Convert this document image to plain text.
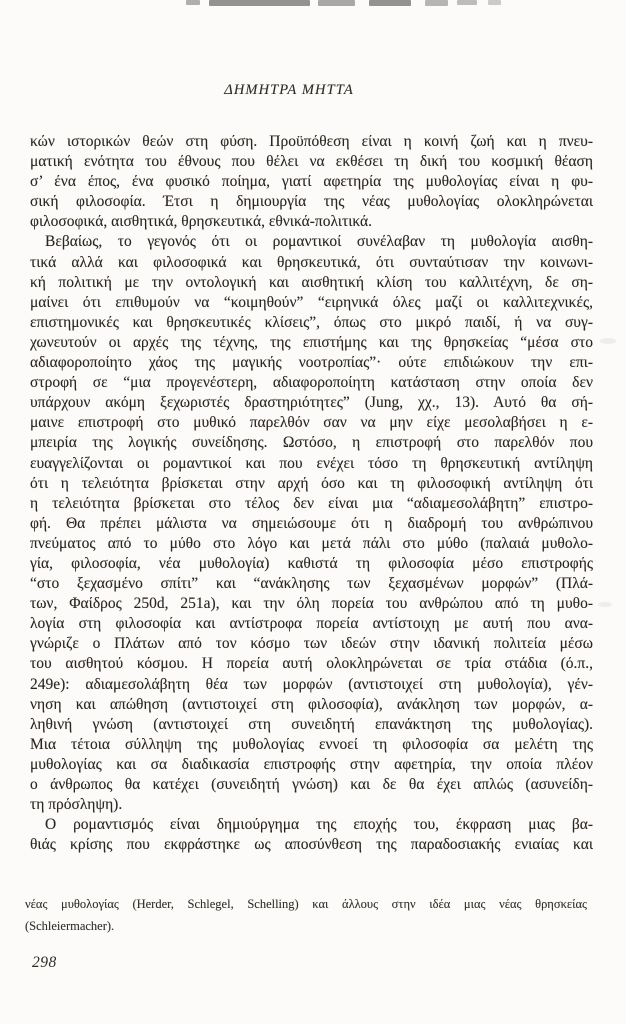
ΔΗΜΗΤΡΑ ΜΗΤΤΑ
κών ιστορικών θεών στη φύση. Προϋπόθεση είναι η κοινή ζωή και η πνευ-
ματική ενότητα του έθνους που θέλει να εκθέσει τη δική του κοσμική θέαση
σ’ ένα έπος, ένα φυσικό ποίημα, γιατί αφετηρία της μυθολογίας είναι η φυ-
σική φιλοσοφία. Έτσι η δημιουργία της νέας μυθολογίας ολοκληρώνεται
φιλοσοφικά, αισθητικά, θρησκευτικά, εθνικά-πολιτικά.
Βεβαίως, το γεγονός ότι οι ρομαντικοί συνέλαβαν τη μυθολογία αισθη-
τικά αλλά και φιλοσοφικά και θρησκευτικά, ότι συνταύτισαν την κοινωνι-
κή πολιτική με την οντολογική και αισθητική κλίση του καλλιτέχνη, δε ση-
μαίνει ότι επιθυμούν να “κοιμηθούν” “ειρηνικά όλες μαζί οι καλλιτεχνικές,
επιστημονικές και θρησκευτικές κλίσεις”, όπως στο μικρό παιδί, ή να συγ-
χωνευτούν οι αρχές της τέχνης, της επιστήμης και της θρησκείας “μέσα στο
αδιαφοροποίητο χάος της μαγικής νοοτροπίας”· ούτε επιδιώκουν την επι-
στροφή σε “μια προγενέστερη, αδιαφοροποίητη κατάσταση στην οποία δεν
υπάρχουν ακόμη ξεχωριστές δραστηριότητες” (Jung, χχ., 13). Αυτό θα σή-
μαινε επιστροφή στο μυθικό παρελθόν σαν να μην είχε μεσολαβήσει η ε-
μπειρία της λογικής συνείδησης. Ωστόσο, η επιστροφή στο παρελθόν που
ευαγγελίζονται οι ρομαντικοί και που ενέχει τόσο τη θρησκευτική αντίληψη
ότι η τελειότητα βρίσκεται στην αρχή όσο και τη φιλοσοφική αντίληψη ότι
η τελειότητα βρίσκεται στο τέλος δεν είναι μια “αδιαμεσολάβητη” επιστρο-
φή. Θα πρέπει μάλιστα να σημειώσουμε ότι η διαδρομή του ανθρώπινου
πνεύματος από το μύθο στο λόγο και μετά πάλι στο μύθο (παλαιά μυθολο-
γία, φιλοσοφία, νέα μυθολογία) καθιστά τη φιλοσοφία μέσο επιστροφής
“στο ξεχασμένο σπίτι” και “ανάκλησης των ξεχασμένων μορφών” (Πλά-
των, Φαίδρος 250d, 251a), και την όλη πορεία του ανθρώπου από τη μυθο-
λογία στη φιλοσοφία και αντίστροφα πορεία αντίστοιχη με αυτή που ανα-
γνώριζε ο Πλάτων από τον κόσμο των ιδεών στην ιδανική πολιτεία μέσω
του αισθητού κόσμου. Η πορεία αυτή ολοκληρώνεται σε τρία στάδια (ό.π.,
249e): αδιαμεσολάβητη θέα των μορφών (αντιστοιχεί στη μυθολογία), γέν-
νηση και απώθηση (αντιστοιχεί στη φιλοσοφία), ανάκληση των μορφών, α-
ληθινή γνώση (αντιστοιχεί στη συνειδητή επανάκτηση της μυθολογίας).
Μια τέτοια σύλληψη της μυθολογίας εννοεί τη φιλοσοφία σα μελέτη της
μυθολογίας και σα διαδικασία επιστροφής στην αφετηρία, την οποία πλέον
ο άνθρωπος θα κατέχει (συνειδητή γνώση) και δε θα έχει απλώς (ασυνείδη-
τη πρόσληψη).
Ο ρομαντισμός είναι δημιούργημα της εποχής του, έκφραση μιας βα-
θιάς κρίσης που εκφράστηκε ως αποσύνθεση της παραδοσιακής ενιαίας και
νέας μυθολογίας (Herder, Schlegel, Schelling) και άλλους στην ιδέα μιας νέας θρησκείας
(Schleiermacher).
298
